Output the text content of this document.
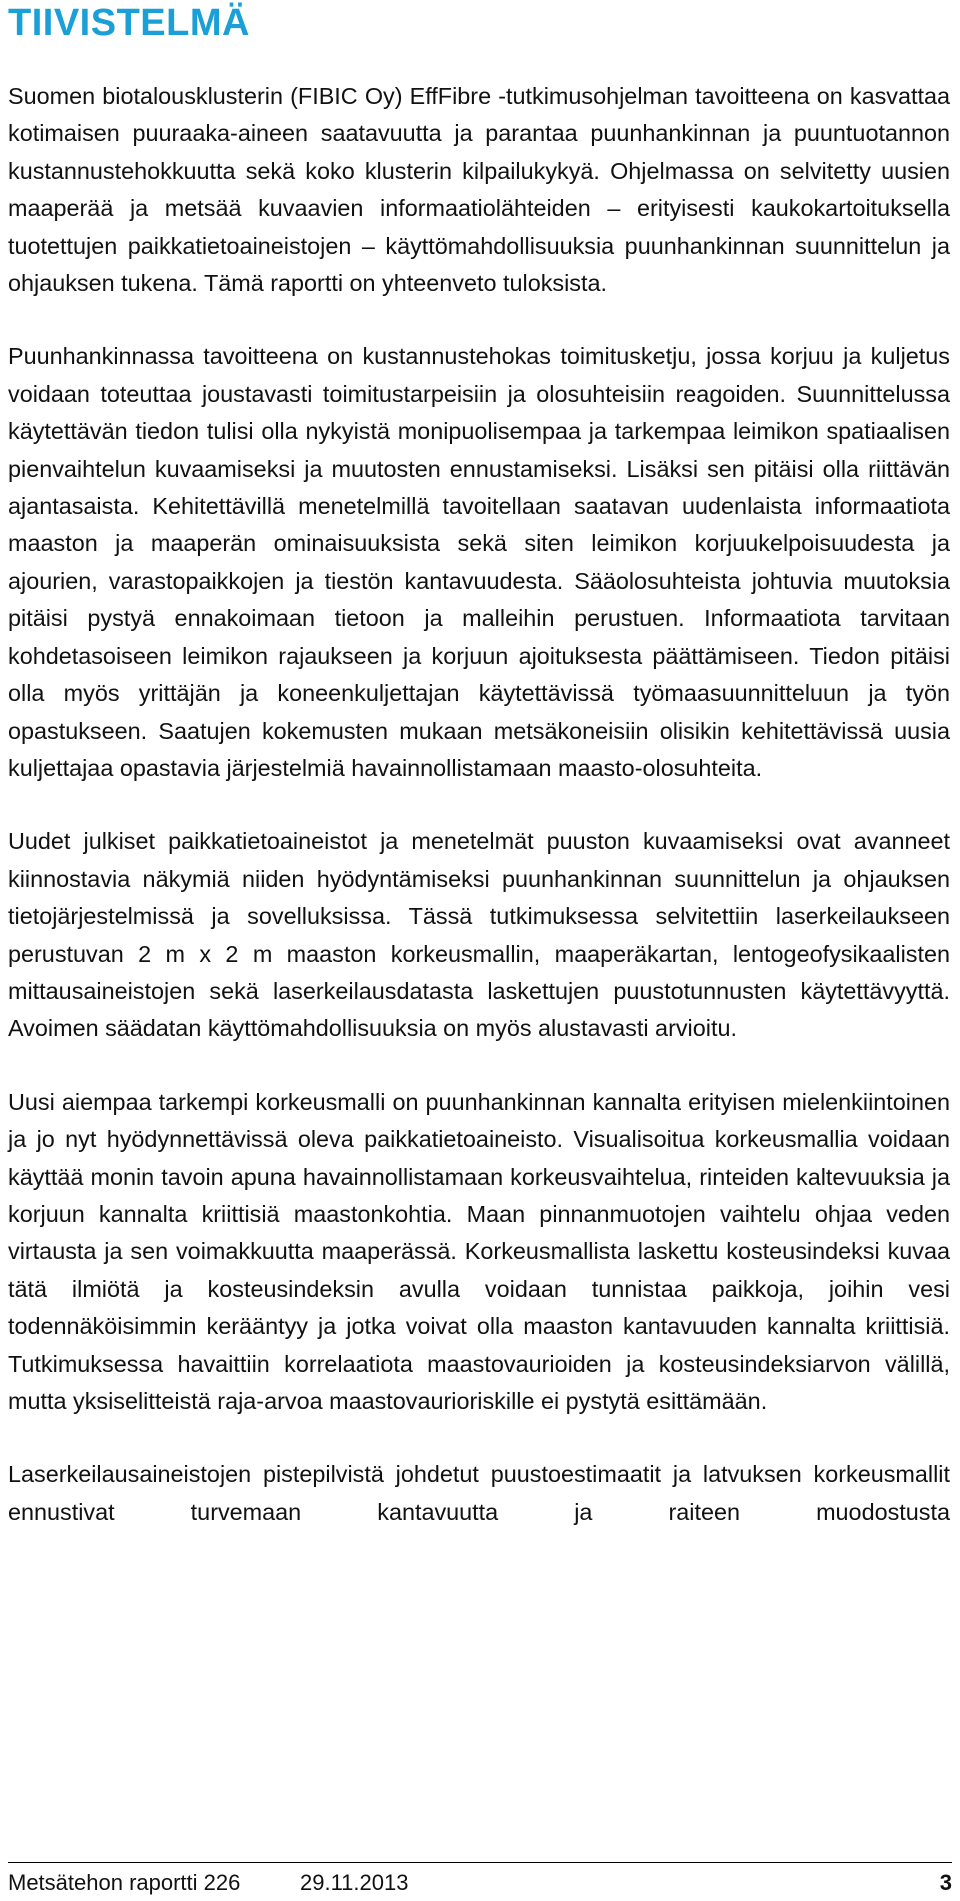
TIIVISTELMÄ

Suomen biotalousklusterin (FIBIC Oy) EffFibre -tutkimusohjelman tavoitteena on kasvattaa kotimaisen puuraaka-aineen saatavuutta ja parantaa puunhankinnan ja puuntuotannon kustannustehokkuutta sekä koko klusterin kilpailukykyä. Ohjelmassa on selvitetty uusien maaperää ja metsää kuvaavien informaatiolähteiden – erityisesti kaukokartoituksella tuotettujen paikkatietoaineistojen – käyttömahdollisuuksia puunhankinnan suunnittelun ja ohjauksen tukena. Tämä raportti on yhteenveto tuloksista.

Puunhankinnassa tavoitteena on kustannustehokas toimitusketju, jossa korjuu ja kuljetus voidaan toteuttaa joustavasti toimitustarpeisiin ja olosuhteisiin reagoiden. Suunnittelussa käytettävän tiedon tulisi olla nykyistä monipuolisempaa ja tarkempaa leimikon spatiaalisen pienvaihtelun kuvaamiseksi ja muutosten ennustamiseksi. Lisäksi sen pitäisi olla riittävän ajantasaista. Kehitettävillä menetelmillä tavoitellaan saatavan uudenlaista informaatiota maaston ja maaperän ominaisuuksista sekä siten leimikon korjuukelpoisuudesta ja ajourien, varastopaikkojen ja tiestön kantavuudesta. Sääolosuhteista johtuvia muutoksia pitäisi pystyä ennakoimaan tietoon ja malleihin perustuen. Informaatiota tarvitaan kohdetasoiseen leimikon rajaukseen ja korjuun ajoituksesta päättämiseen. Tiedon pitäisi olla myös yrittäjän ja koneenkuljettajan käytettävissä työmaasuunnitteluun ja työn opastukseen. Saatujen kokemusten mukaan metsäkoneisiin olisikin kehitettävissä uusia kuljettajaa opastavia järjestelmiä havainnollistamaan maasto-olosuhteita.

Uudet julkiset paikkatietoaineistot ja menetelmät puuston kuvaamiseksi ovat avanneet kiinnostavia näkymiä niiden hyödyntämiseksi puunhankinnan suunnittelun ja ohjauksen tietojärjestelmissä ja sovelluksissa. Tässä tutkimuksessa selvitettiin laserkeilaukseen perustuvan 2 m x 2 m maaston korkeusmallin, maaperäkartan, lentogeofysikaalisten mittausaineistojen sekä laserkeilausdatasta laskettujen puustotunnusten käytettävyyttä. Avoimen säädatan käyttömahdollisuuksia on myös alustavasti arvioitu.

Uusi aiempaa tarkempi korkeusmalli on puunhankinnan kannalta erityisen mielenkiintoinen ja jo nyt hyödynnettävissä oleva paikkatietoaineisto. Visualisoitua korkeusmallia voidaan käyttää monin tavoin apuna havainnollistamaan korkeusvaihtelua, rinteiden kaltevuuksia ja korjuun kannalta kriittisiä maastonkohtia. Maan pinnanmuotojen vaihtelu ohjaa veden virtausta ja sen voimakkuutta maaperässä. Korkeusmallista laskettu kosteusindeksi kuvaa tätä ilmiötä ja kosteusindeksin avulla voidaan tunnistaa paikkoja, joihin vesi todennäköisimmin kerääntyy ja jotka voivat olla maaston kantavuuden kannalta kriittisiä. Tutkimuksessa havaittiin korrelaatiota maastovaurioiden ja kosteusindeksiarvon välillä, mutta yksiselitteistä raja-arvoa maastovaurioriskille ei pystytä esittämään.

Laserkeilausaineistojen pistepilvistä johdetut puustoestimaatit ja latvuksen korkeusmallit ennustivat turvemaan kantavuutta ja raiteen muodostusta

Metsätehon raportti 226	29.11.2013	3
